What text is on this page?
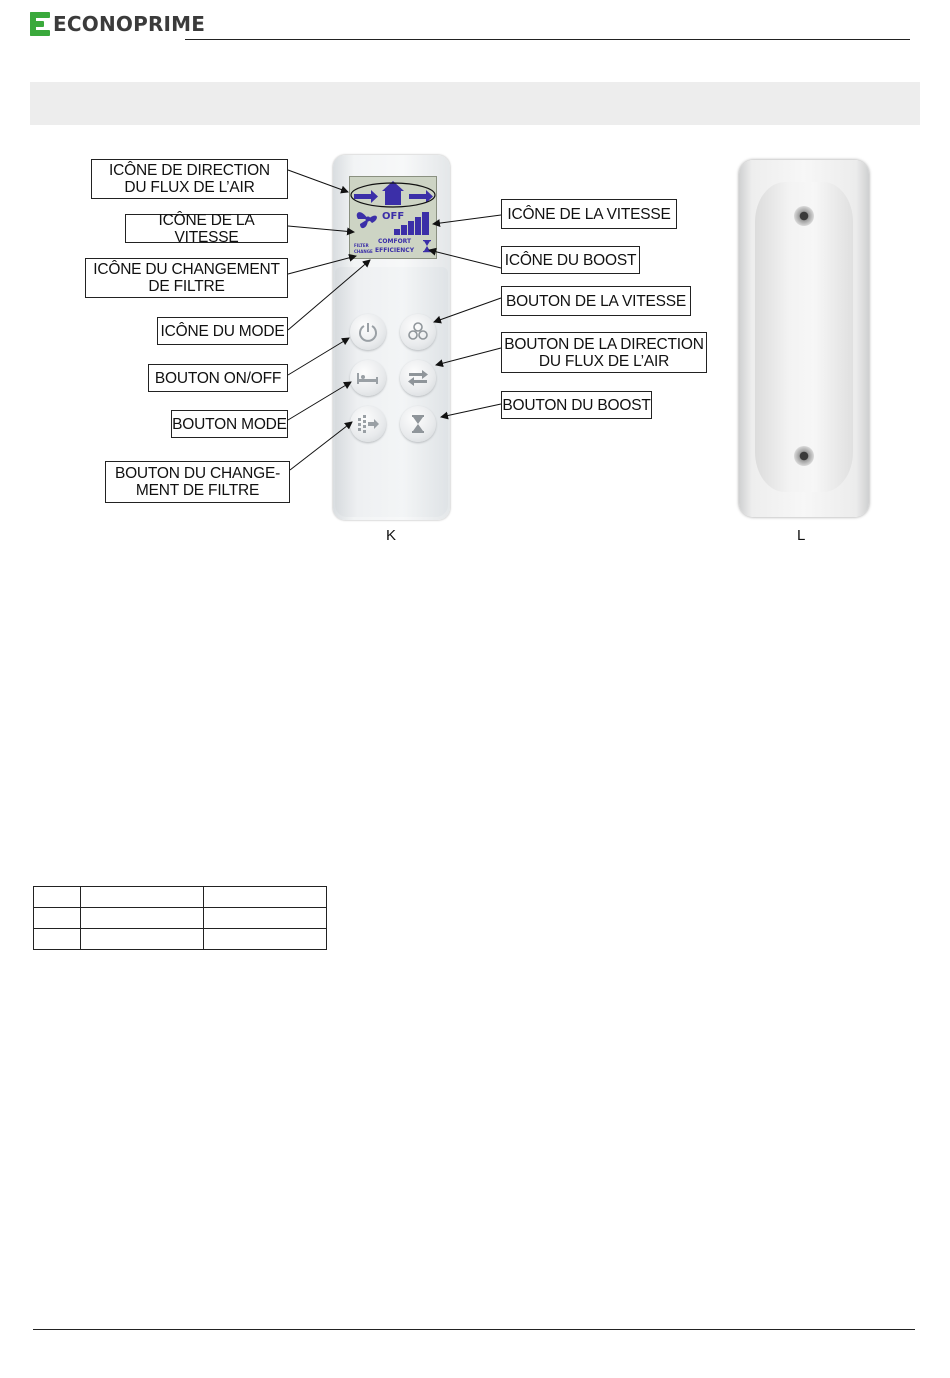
ECONOPRIME
OFF
COMFORT
EFFICIENCY
FILTER
CHANGE
ICÔNE DE DIRECTION
DU FLUX DE L’AIR
ICÔNE DE LA VITESSE
ICÔNE DU CHANGEMENT
DE FILTRE
ICÔNE DU MODE
BOUTON ON/OFF
BOUTON MODE
BOUTON DU CHANGE-
MENT DE FILTRE
ICÔNE DE LA VITESSE
ICÔNE DU BOOST
BOUTON DE LA VITESSE
BOUTON DE LA DIRECTION
DU FLUX DE L’AIR
BOUTON DU BOOST
K	L
